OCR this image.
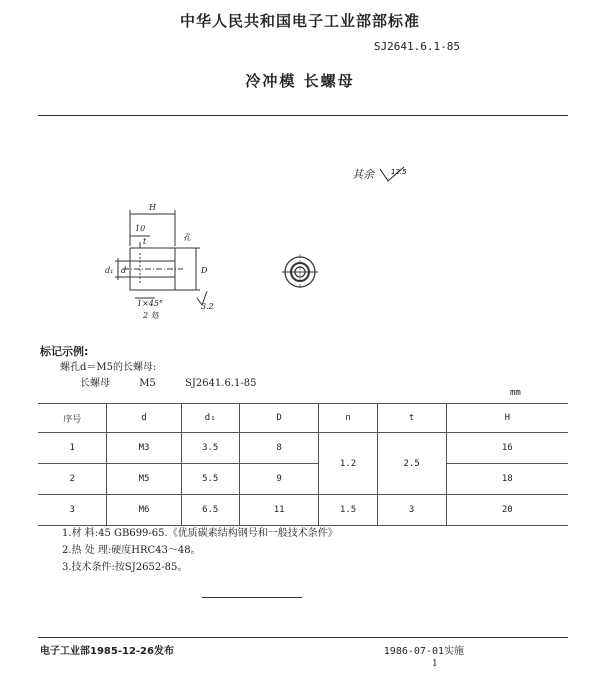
中华人民共和国电子工业部部标准
SJ2641.6.1-85
冷冲模 长螺母
其余 12.5
H
10
t
d₁ d	D
孔
1×45°
2 処
3.2
标记示例:
螺孔d＝M5的长螺母:
长螺母	M5	SJ2641.6.1-85
mm
序号	d	d₁	D	n	t	H
1	M3	3.5	8	1.2	2.5	16
2	M5	5.5	9			18
3	M6	6.5	11	1.5	3	20
1.材 料:45 GB699-65.《优质碳素结构钢号和一般技术条件》
2.热 处 理:硬度HRC43～48。
3.技术条件:按SJ2652-85。
电子工业部1985-12-26发布	1986-07-01实施
1
